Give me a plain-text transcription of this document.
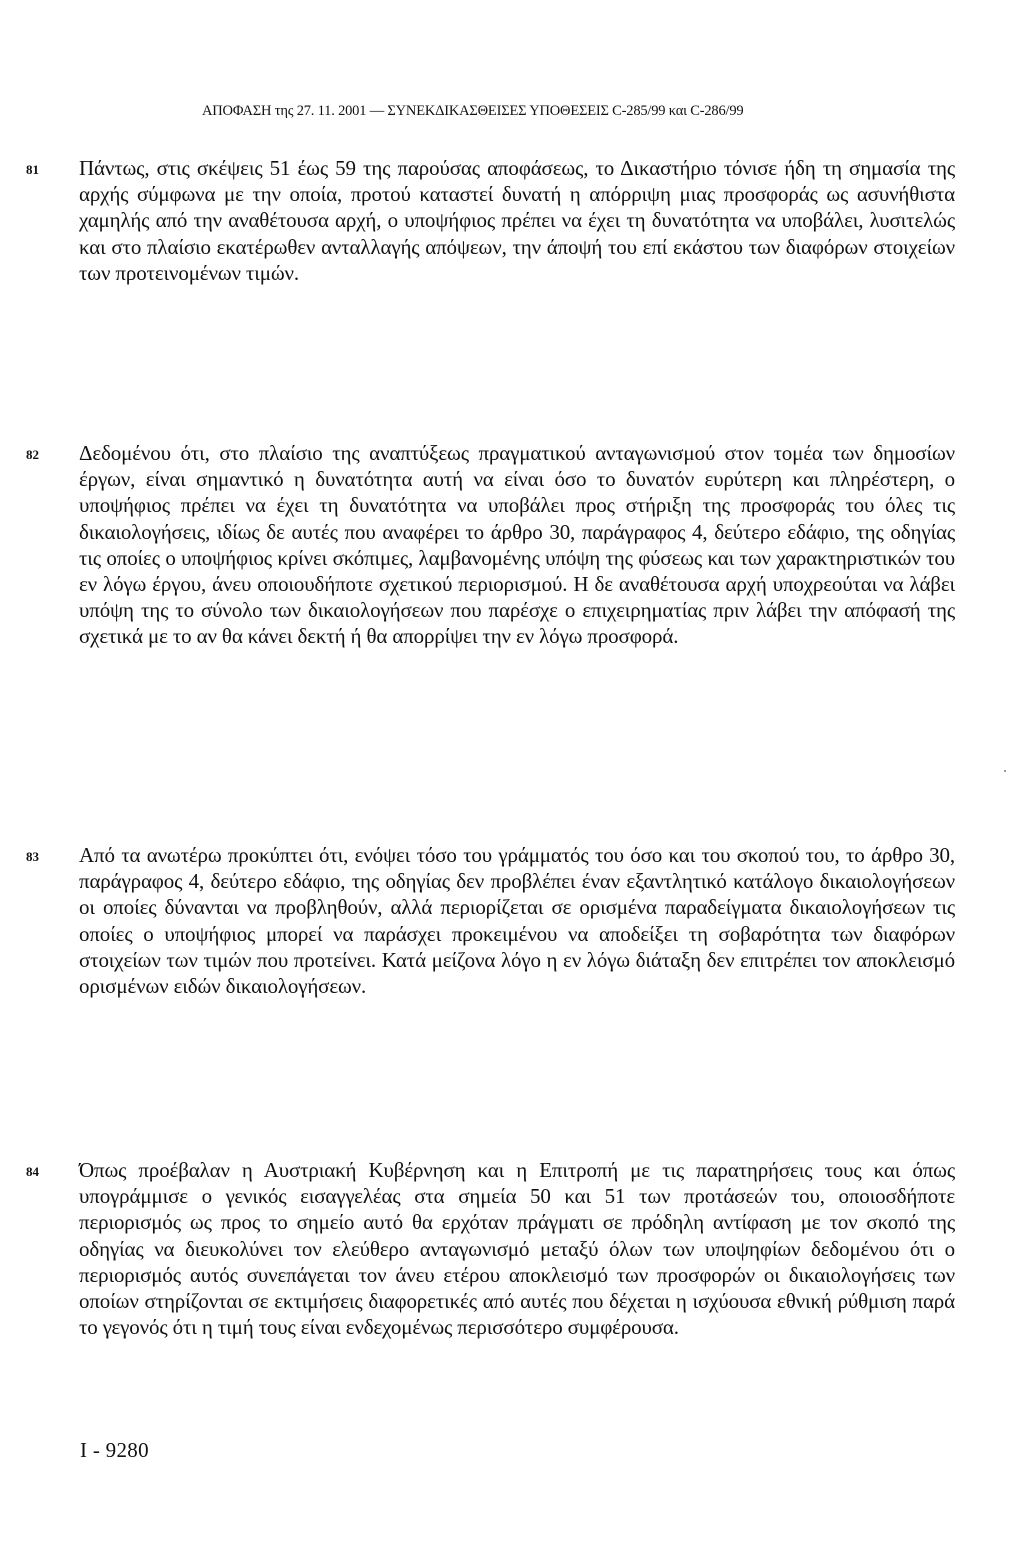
ΑΠΟΦΑΣΗ της 27. 11. 2001 — ΣΥΝΕΚΔΙΚΑΣΘΕΙΣΕΣ ΥΠΟΘΕΣΕΙΣ C-285/99 και C-286/99
81 Πάντως, στις σκέψεις 51 έως 59 της παρούσας αποφάσεως, το Δικαστήριο τόνισε ήδη τη σημασία της αρχής σύμφωνα με την οποία, προτού καταστεί δυνατή η απόρριψη μιας προσφοράς ως ασυνήθιστα χαμηλής από την αναθέτουσα αρχή, ο υποψήφιος πρέπει να έχει τη δυνατότητα να υποβάλει, λυσιτελώς και στο πλαίσιο εκατέρωθεν ανταλλαγής απόψεων, την άποψή του επί εκάστου των διαφόρων στοιχείων των προτεινομένων τιμών.

82 Δεδομένου ότι, στο πλαίσιο της αναπτύξεως πραγματικού ανταγωνισμού στον τομέα των δημοσίων έργων, είναι σημαντικό η δυνατότητα αυτή να είναι όσο το δυνατόν ευρύτερη και πληρέστερη, ο υποψήφιος πρέπει να έχει τη δυνατότητα να υποβάλει προς στήριξη της προσφοράς του όλες τις δικαιολογήσεις, ιδίως δε αυτές που αναφέρει το άρθρο 30, παράγραφος 4, δεύτερο εδάφιο, της οδηγίας τις οποίες ο υποψήφιος κρίνει σκόπιμες, λαμβανομένης υπόψη της φύσεως και των χαρακτηριστικών του εν λόγω έργου, άνευ οποιουδήποτε σχετικού περιορισμού. Η δε αναθέτουσα αρχή υποχρεούται να λάβει υπόψη της το σύνολο των δικαιολογήσεων που παρέσχε ο επιχειρηματίας πριν λάβει την απόφασή της σχετικά με το αν θα κάνει δεκτή ή θα απορρίψει την εν λόγω προσφορά.

83 Από τα ανωτέρω προκύπτει ότι, ενόψει τόσο του γράμματός του όσο και του σκοπού του, το άρθρο 30, παράγραφος 4, δεύτερο εδάφιο, της οδηγίας δεν προβλέπει έναν εξαντλητικό κατάλογο δικαιολογήσεων οι οποίες δύνανται να προβληθούν, αλλά περιορίζεται σε ορισμένα παραδείγματα δικαιολογήσεων τις οποίες ο υποψήφιος μπορεί να παράσχει προκειμένου να αποδείξει τη σοβαρότητα των διαφόρων στοιχείων των τιμών που προτείνει. Κατά μείζονα λόγο η εν λόγω διάταξη δεν επιτρέπει τον αποκλεισμό ορισμένων ειδών δικαιολογήσεων.

84 Όπως προέβαλαν η Αυστριακή Κυβέρνηση και η Επιτροπή με τις παρατηρήσεις τους και όπως υπογράμμισε ο γενικός εισαγγελέας στα σημεία 50 και 51 των προτάσεών του, οποιοσδήποτε περιορισμός ως προς το σημείο αυτό θα ερχόταν πράγματι σε πρόδηλη αντίφαση με τον σκοπό της οδηγίας να διευκολύνει τον ελεύθερο ανταγωνισμό μεταξύ όλων των υποψηφίων δεδομένου ότι ο περιορισμός αυτός συνεπάγεται τον άνευ ετέρου αποκλεισμό των προσφορών οι δικαιολογήσεις των οποίων στηρίζονται σε εκτιμήσεις διαφορετικές από αυτές που δέχεται η ισχύουσα εθνική ρύθμιση παρά το γεγονός ότι η τιμή τους είναι ενδεχομένως περισσότερο συμφέρουσα.

I - 9280
